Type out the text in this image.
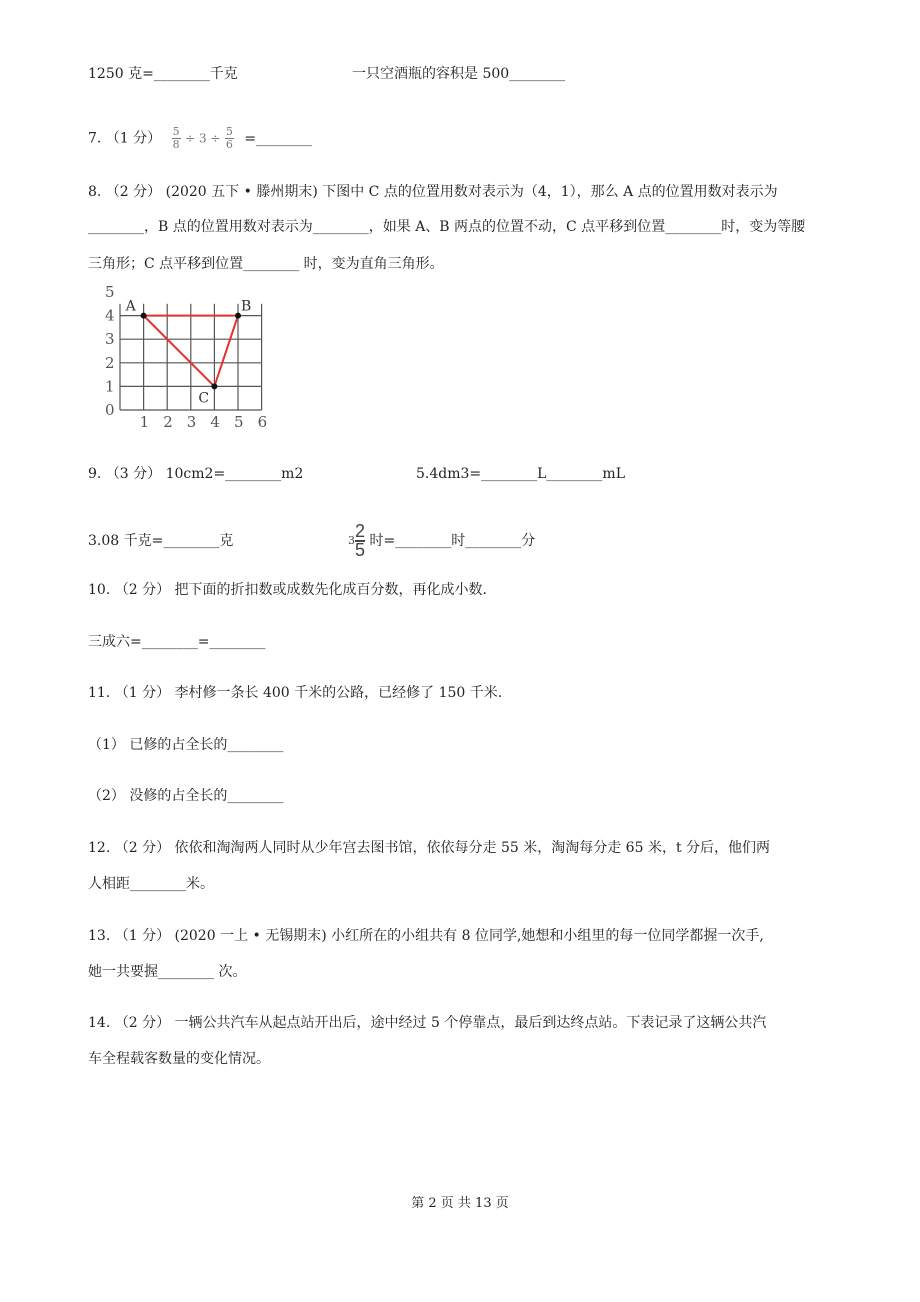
1250 克=________千克	一只空酒瓶的容积是 500________
7. （1 分） $\frac{5}{8} \div 3 \div \frac{5}{6}$ =________
8. （2 分） (2020 五下 • 滕州期末) 下图中 C 点的位置用数对表示为（4，1），那么 A 点的位置用数对表示为
________，B 点的位置用数对表示为________，如果 A、B 两点的位置不动，C 点平移到位置________时，变为等腰
三角形；C 点平移到位置________ 时，变为直角三角形。
1 2 3 4 5 6
0
1
2
3
4
5
A	B
C
9. （3 分） 10cm2=________m2	5.4dm3=________L________mL
3.08 千克=________克	$3 \frac{2}{5}$ 时=________时________分
10. （2 分） 把下面的折扣数或成数先化成百分数，再化成小数.
三成六=________=________
11. （1 分） 李村修一条长 400 千米的公路，已经修了 150 千米.
（1） 已修的占全长的________
（2） 没修的占全长的________
12. （2 分） 依依和淘淘两人同时从少年宫去图书馆，依依每分走 55 米，淘淘每分走 65 米，t 分后，他们两
人相距________米。
13. （1 分） (2020 一上 • 无锡期末) 小红所在的小组共有 8 位同学,她想和小组里的每一位同学都握一次手,
她一共要握________ 次。
14. （2 分） 一辆公共汽车从起点站开出后，途中经过 5 个停靠点，最后到达终点站。下表记录了这辆公共汽
车全程载客数量的变化情况。
第 2 页 共 13 页
